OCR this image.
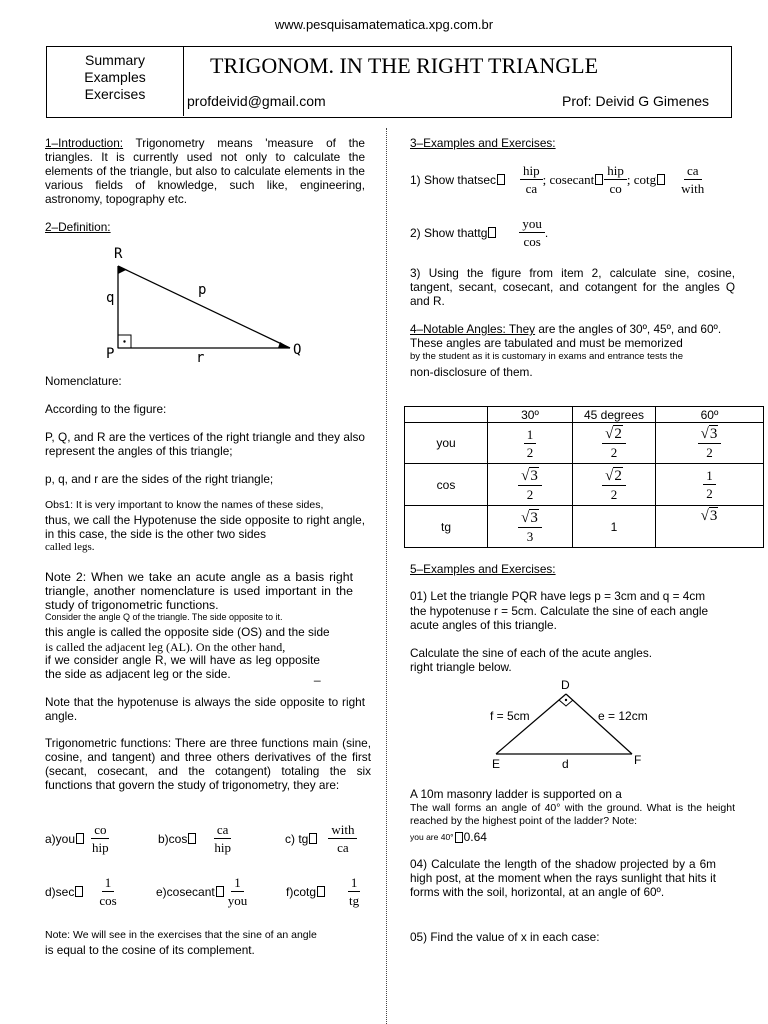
www.pesquisamatematica.xpg.com.br
Summary
Examples
Exercises
TRIGONOM. IN THE RIGHT TRIANGLE
profdeivid@gmail.com	Prof: Deivid G Gimenes
1–Introduction: Trigonometry means 'measure of the triangles. It is currently used not only to calculate the elements of the triangle, but also to calculate elements in the various fields of knowledge, such like, engineering, astronomy, topography etc.
2–Definition:
R
P	Q
q	p
r
Nomenclature:
According to the figure:
P, Q, and R are the vertices of the right triangle and they also represent the angles of this triangle;
p, q, and r are the sides of the right triangle;
Obs1: It is very important to know the names of these sides,
thus, we call the Hypotenuse the side opposite to right angle, in this case, the side is the other two sides
called legs.
Note 2: When we take an acute angle as a basis right triangle, another nomenclature is used important in the study of trigonometric functions.
Consider the angle Q of the triangle. The side opposite to it.
this angle is called the opposite side (OS) and the side
is called the adjacent leg (AL). On the other hand,
if we consider angle R, we will have as leg opposite the side as adjacent leg or the side.	_
Note that the hypotenuse is always the side opposite to right angle.
Trigonometric functions: There are three functions main (sine, cosine, and tangent) and three others derivatives of the first (secant, cosecant, and the cotangent) totaling the six functions that govern the study of trigonometry, they are:
$a)you \frac{co}{\text{hip}}$	$b)\cos \frac{ca}{\text{hip}}$	c) tg $\frac{\text{with}}{ca}$
$d)\sec \frac{1}{\cos}$	e)cosecant $\frac{1}{\text{you}}$	$f)\cot g \frac{1}{tg}$
Note: We will see in the exercises that the sine of an angle
is equal to the cosine of its complement.
3–Examples and Exercises:
1) Show thatsec $\frac{\text{hip}}{ca}$ ; cosecant $\frac{\text{hip}}{co}$ ; cotg $\frac{ca}{\text{with}}$
2) Show thattg $\frac{\text{you}}{\cos}$ .
3) Using the figure from item 2, calculate sine, cosine, tangent, secant, cosecant, and cotangent for the angles Q and R.
4–Notable Angles: They are the angles of 30º, 45º, and 60º.
These angles are tabulated and must be memorized
by the student as it is customary in exams and entrance tests the
non-disclosure of them.
	30º	45 degrees	60º
you	$\frac{1}{2}$	$\frac{√2}{2}$	$\frac{√3}{2}$

cos	$\frac{√3}{2}$	$\frac{√2}{2}$	$\frac{1}{2}$

tg	$\frac{√3}{3}$	1	√3
5–Examples and Exercises:
01) Let the triangle PQR have legs p = 3cm and q = 4cm
the hypotenuse r = 5cm. Calculate the sine of each angle acute angles of this triangle.
Calculate the sine of each of the acute angles.
right triangle below.
D
E	F
d
f = 5cm	e = 12cm
A 10m masonry ladder is supported on a
The wall forms an angle of 40° with the ground. What is the height reached by the highest point of the ladder? Note:
you are 40° 0.64
04) Calculate the length of the shadow projected by a 6m high post, at the moment when the rays sunlight that hits it forms with the soil, horizontal, at an angle of 60º.
05) Find the value of x in each case:
